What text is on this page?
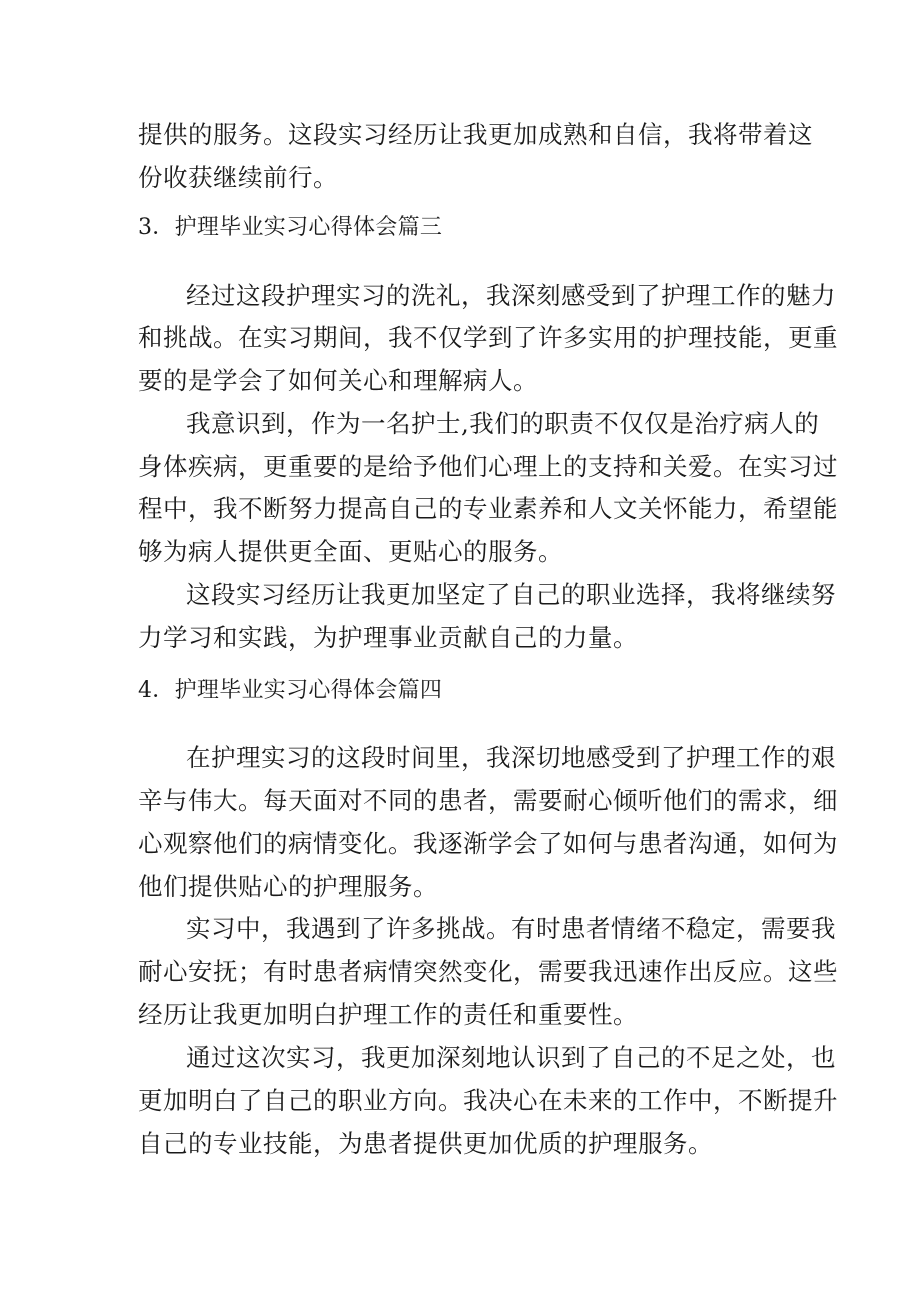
提供的服务。这段实习经历让我更加成熟和自信，我将带着这
份收获继续前行。
3．护理毕业实习心得体会篇三
经过这段护理实习的洗礼，我深刻感受到了护理工作的魅力
和挑战。在实习期间，我不仅学到了许多实用的护理技能，更重
要的是学会了如何关心和理解病人。
我意识到，作为一名护士,我们的职责不仅仅是治疗病人的
身体疾病，更重要的是给予他们心理上的支持和关爱。在实习过
程中，我不断努力提高自己的专业素养和人文关怀能力，希望能
够为病人提供更全面、更贴心的服务。
这段实习经历让我更加坚定了自己的职业选择，我将继续努
力学习和实践，为护理事业贡献自己的力量。
4．护理毕业实习心得体会篇四
在护理实习的这段时间里，我深切地感受到了护理工作的艰
辛与伟大。每天面对不同的患者，需要耐心倾听他们的需求，细
心观察他们的病情变化。我逐渐学会了如何与患者沟通，如何为
他们提供贴心的护理服务。
实习中，我遇到了许多挑战。有时患者情绪不稳定，需要我
耐心安抚；有时患者病情突然变化，需要我迅速作出反应。这些
经历让我更加明白护理工作的责任和重要性。
通过这次实习，我更加深刻地认识到了自己的不足之处，也
更加明白了自己的职业方向。我决心在未来的工作中，不断提升
自己的专业技能，为患者提供更加优质的护理服务。
